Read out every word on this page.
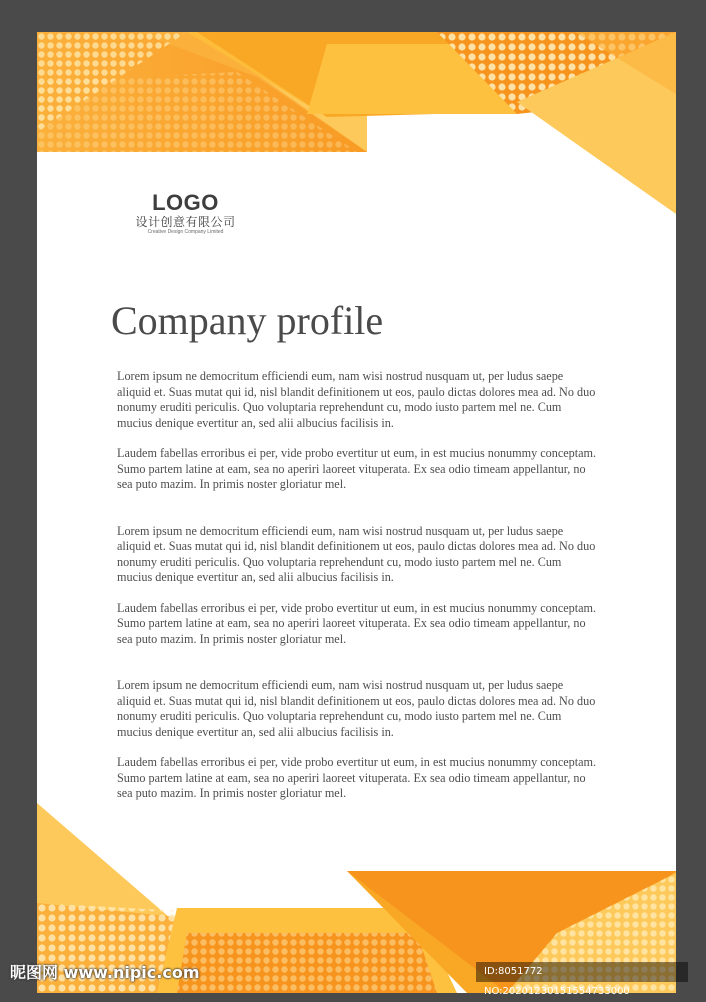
LOGO
设计创意有限公司
Creative Design Company Limited
Company profile

Lorem ipsum ne democritum efficiendi eum, nam wisi nostrud nusquam ut, per ludus saepe aliquid et. Suas mutat qui id, nisl blandit definitionem ut eos, paulo dictas dolores mea ad. No duo nonumy eruditi periculis. Quo voluptaria reprehendunt cu, modo iusto partem mel ne. Cum mucius denique evertitur an, sed alii albucius facilisis in.

Laudem fabellas erroribus ei per, vide probo evertitur ut eum, in est mucius nonummy conceptam. Sumo partem latine at eam, sea no aperiri laoreet vituperata. Ex sea odio timeam appellantur, no sea puto mazim. In primis noster gloriatur mel.

Lorem ipsum ne democritum efficiendi eum, nam wisi nostrud nusquam ut, per ludus saepe aliquid et. Suas mutat qui id, nisl blandit definitionem ut eos, paulo dictas dolores mea ad. No duo nonumy eruditi periculis. Quo voluptaria reprehendunt cu, modo iusto partem mel ne. Cum mucius denique evertitur an, sed alii albucius facilisis in.

Laudem fabellas erroribus ei per, vide probo evertitur ut eum, in est mucius nonummy conceptam. Sumo partem latine at eam, sea no aperiri laoreet vituperata. Ex sea odio timeam appellantur, no sea puto mazim. In primis noster gloriatur mel.

Lorem ipsum ne democritum efficiendi eum, nam wisi nostrud nusquam ut, per ludus saepe aliquid et. Suas mutat qui id, nisl blandit definitionem ut eos, paulo dictas dolores mea ad. No duo nonumy eruditi periculis. Quo voluptaria reprehendunt cu, modo iusto partem mel ne. Cum mucius denique evertitur an, sed alii albucius facilisis in.

Laudem fabellas erroribus ei per, vide probo evertitur ut eum, in est mucius nonummy conceptam. Sumo partem latine at eam, sea no aperiri laoreet vituperata. Ex sea odio timeam appellantur, no sea puto mazim. In primis noster gloriatur mel.

昵图网 www.nipic.com	ID:8051772 NO:20201230151554733000
